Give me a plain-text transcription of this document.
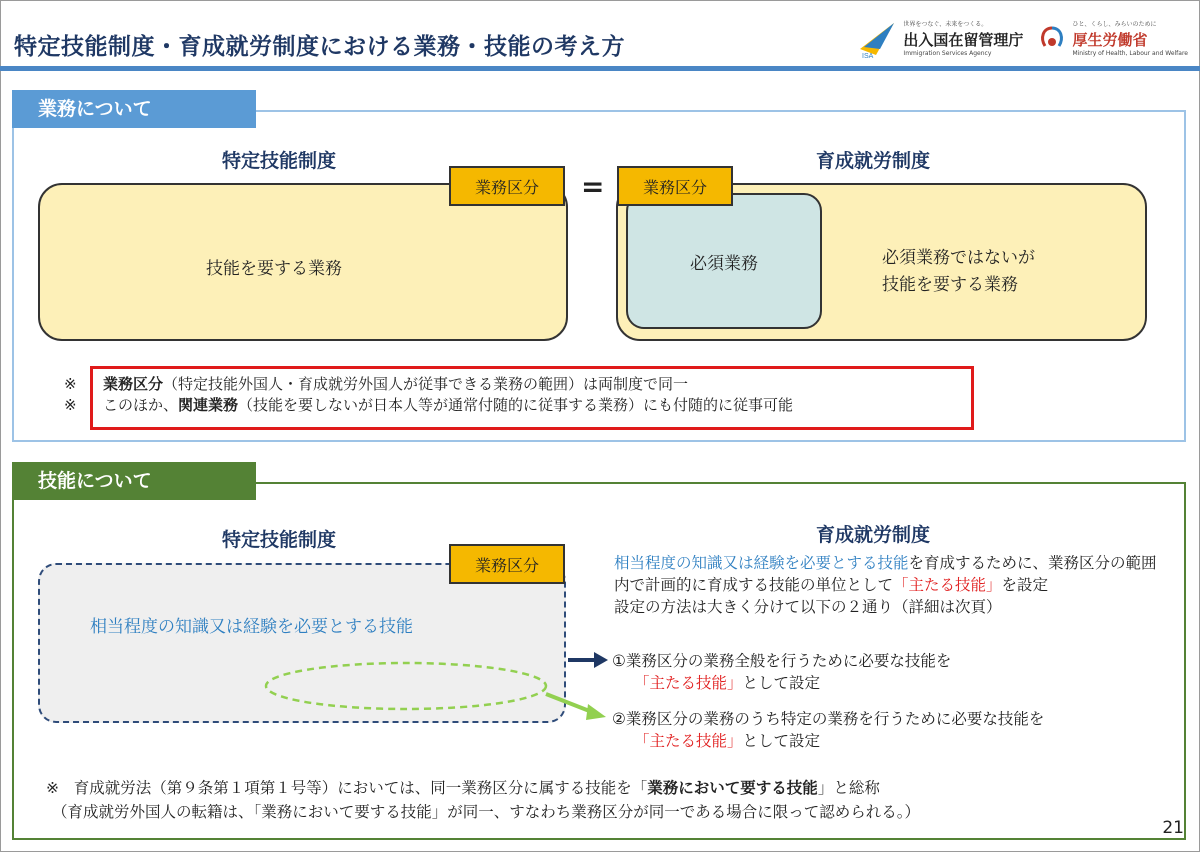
特定技能制度・育成就労制度における業務・技能の考え方	ISA
世界をつなぐ、未来をつくる。
出入国在留管理庁
Immigration Services Agency
ひと、くらし、みらいのために
厚生労働省
Ministry of Health, Labour and Welfare
業務について
特定技能制度	育成就労制度
技能を要する業務
業務区分	=
必須業務
業務区分
必須業務ではないが
技能を要する業務
※
※
業務区分（特定技能外国人・育成就労外国人が従事できる業務の範囲）は両制度で同一
このほか、関連業務（技能を要しないが日本人等が通常付随的に従事する業務）にも付随的に従事可能
技能について
特定技能制度	育成就労制度
業務区分
相当程度の知識又は経験を必要とする技能
相当程度の知識又は経験を必要とする技能を育成するために、業務区分の範囲内で計画的に育成する技能の単位として「主たる技能」を設定
設定の方法は大きく分けて以下の２通り（詳細は次頁）
①業務区分の業務全般を行うために必要な技能を
「主たる技能」として設定
②業務区分の業務のうち特定の業務を行うために必要な技能を
「主たる技能」として設定
※ 育成就労法（第９条第１項第１号等）においては、同一業務区分に属する技能を「業務において要する技能」と総称
（育成就労外国人の転籍は、「業務において要する技能」が同一、すなわち業務区分が同一である場合に限って認められる。）
21
